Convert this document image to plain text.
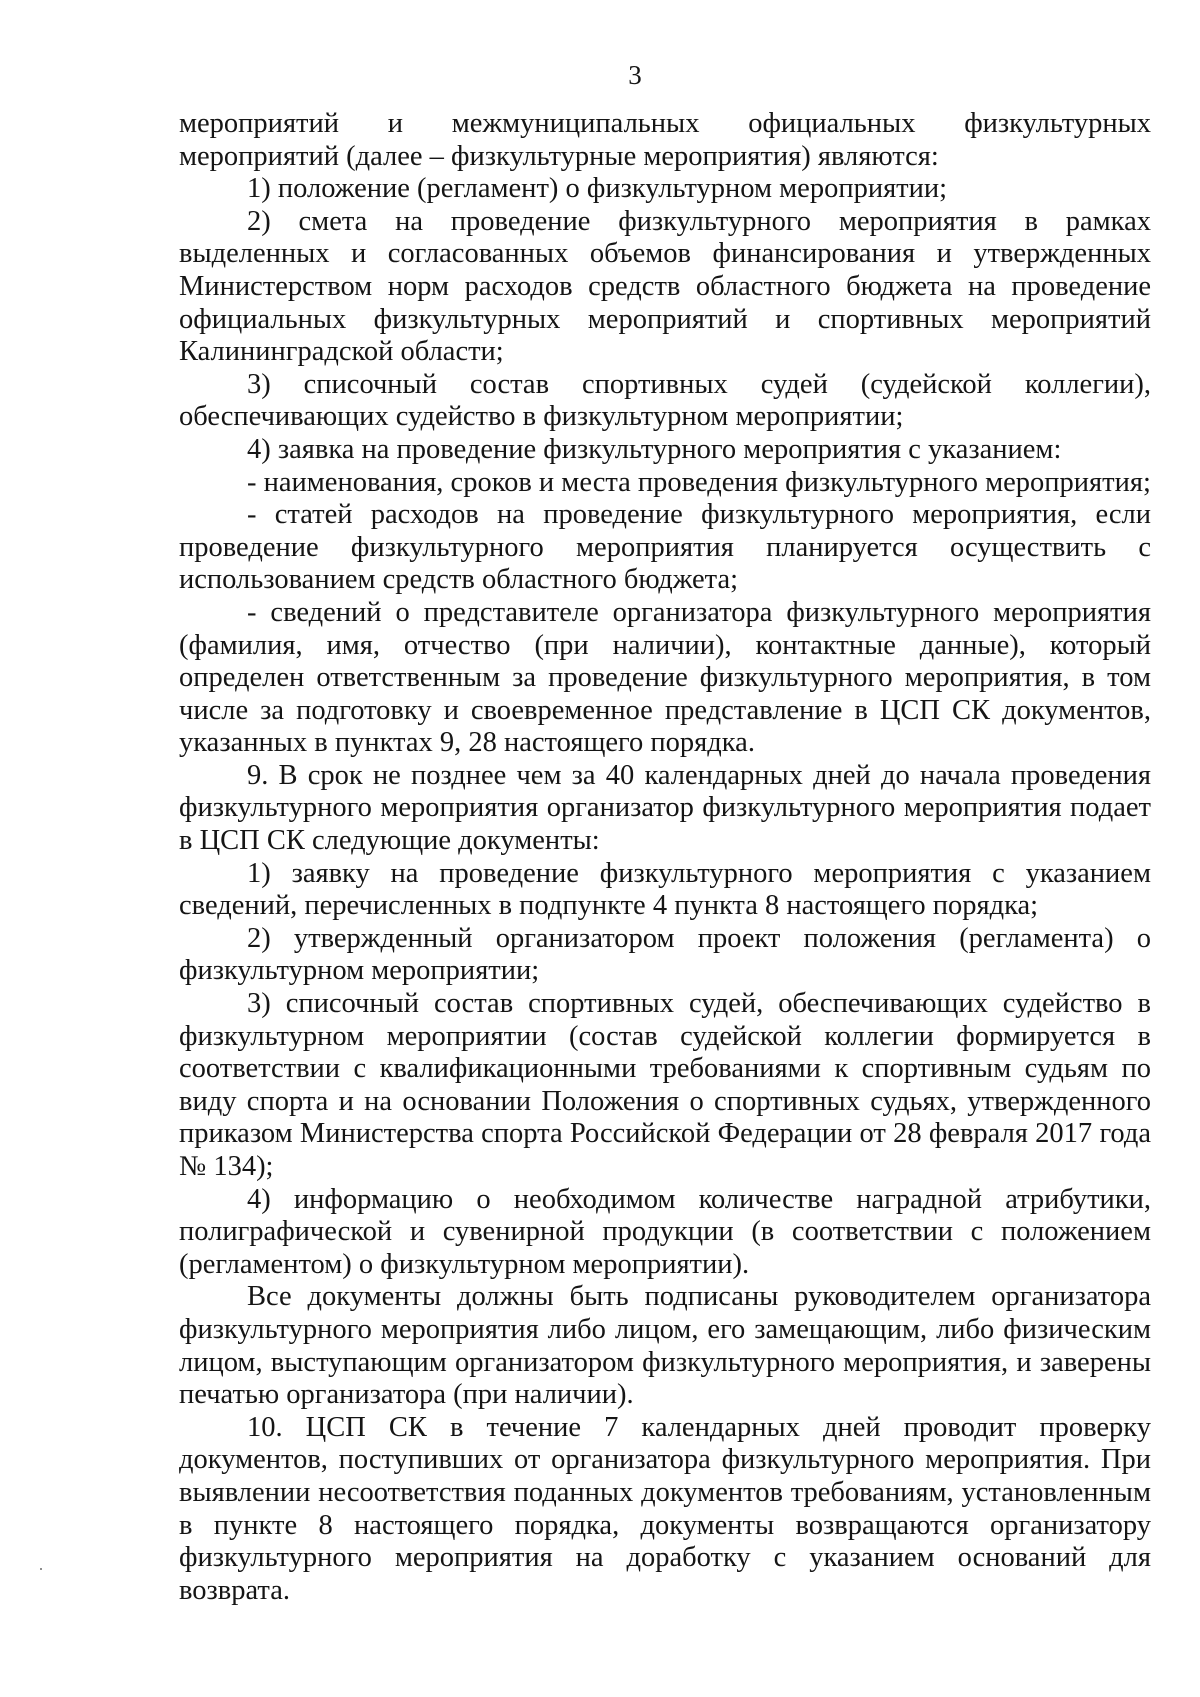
3

мероприятий и межмуниципальных официальных физкультурных мероприятий (далее – физкультурные мероприятия) являются:

1) положение (регламент) о физкультурном мероприятии;

2) смета на проведение физкультурного мероприятия в рамках выделенных и согласованных объемов финансирования и утвержденных Министерством норм расходов средств областного бюджета на проведение официальных физкультурных мероприятий и спортивных мероприятий Калининградской области;

3) списочный состав спортивных судей (судейской коллегии), обеспечивающих судейство в физкультурном мероприятии;

4) заявка на проведение физкультурного мероприятия с указанием:

- наименования, сроков и места проведения физкультурного мероприятия;

- статей расходов на проведение физкультурного мероприятия, если проведение физкультурного мероприятия планируется осуществить с использованием средств областного бюджета;

- сведений о представителе организатора физкультурного мероприятия (фамилия, имя, отчество (при наличии), контактные данные), который определен ответственным за проведение физкультурного мероприятия, в том числе за подготовку и своевременное представление в ЦСП СК документов, указанных в пунктах 9, 28 настоящего порядка.

9. В срок не позднее чем за 40 календарных дней до начала проведения физкультурного мероприятия организатор физкультурного мероприятия подает в ЦСП СК следующие документы:

1) заявку на проведение физкультурного мероприятия с указанием сведений, перечисленных в подпункте 4 пункта 8 настоящего порядка;

2) утвержденный организатором проект положения (регламента) о физкультурном мероприятии;

3) списочный состав спортивных судей, обеспечивающих судейство в физкультурном мероприятии (состав судейской коллегии формируется в соответствии с квалификационными требованиями к спортивным судьям по виду спорта и на основании Положения о спортивных судьях, утвержденного приказом Министерства спорта Российской Федерации от 28 февраля 2017 года № 134);

4) информацию о необходимом количестве наградной атрибутики, полиграфической и сувенирной продукции (в соответствии с положением (регламентом) о физкультурном мероприятии).

Все документы должны быть подписаны руководителем организатора физкультурного мероприятия либо лицом, его замещающим, либо физическим лицом, выступающим организатором физкультурного мероприятия, и заверены печатью организатора (при наличии).

10. ЦСП СК в течение 7 календарных дней проводит проверку документов, поступивших от организатора физкультурного мероприятия. При выявлении несоответствия поданных документов требованиям, установленным в пункте 8 настоящего порядка, документы возвращаются организатору физкультурного мероприятия на доработку с указанием оснований для возврата.
